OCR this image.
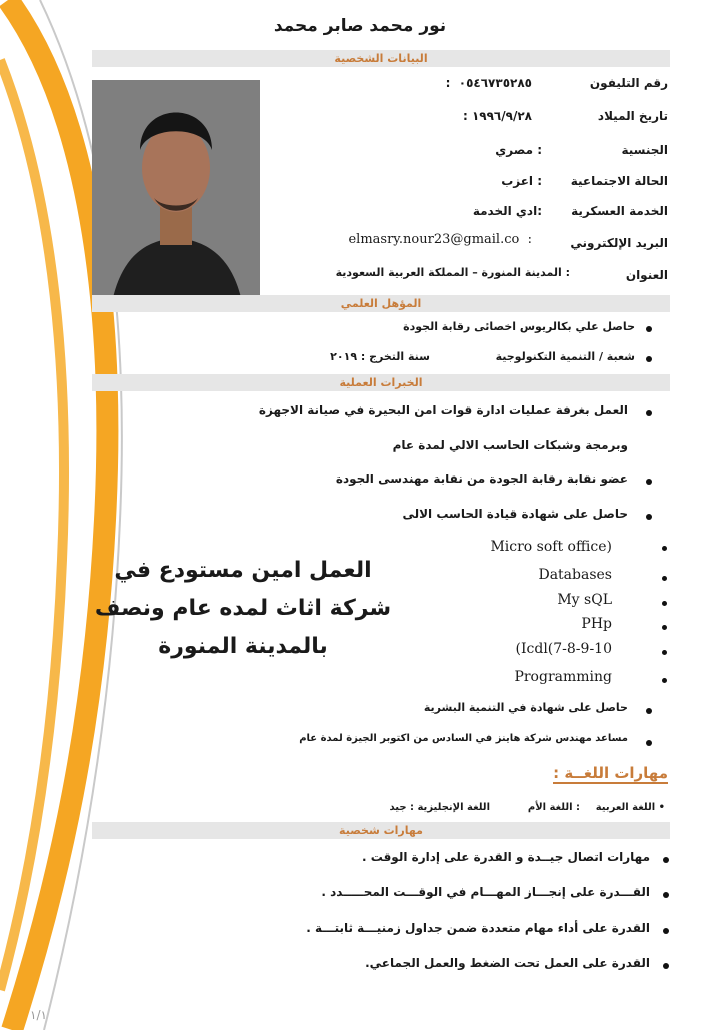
نور محمد صابر محمد
البيانات الشخصية
رقم التليفون
٠٥٤٦٧٣٥٢٨٥  :
تاريخ الميلاد
١٩٩٦/٩/٢٨ :
الجنسية
: مصري
الحالة الاجتماعية
: اعزب
الخدمة العسكرية
:ادي الخدمة
البريد الإلكتروني
elmasry.nour23@gmail.co  :
العنوان
: المدينة المنورة – المملكة العربية السعودية
المؤهل العلمي
حاصل علي بكالريوس اخصائى رقابة الجودة
شعبة / التنمية التكنولوجية
سنة التخرج : ٢٠١٩
الخبرات العملية
العمل بغرفة عمليات ادارة قوات امن البحيرة في صيانة الاجهزة
وبرمجة وشبكات الحاسب الالي لمدة عام
عضو نقابة رقابة الجودة من نقابة مهندسى الجودة
حاصل على شهادة قيادة الحاسب الالى
Micro soft office)
Databases
My sQL
PHp
(Icdl(7-8-9-10
Programming
حاصل على شهادة في التنمية البشرية
مساعد مهندس شركة هاينز في السادس من اكتوبر الجيزة لمدة عام
العمل امين مستودع في شركة اثاث لمده عام ونصف بالمدينة المنورة
مهارات اللغــة :
• اللغة العربية
: اللغة الأم
اللغة الإنجليزية : جيد
مهارات شخصية
مهارات اتصال جيــدة و القدرة على إدارة الوقت .
القـــدرة على إنجـــاز المهـــام في الوقـــت المحـــــدد .
القدرة على أداء مهام متعددة ضمن جداول زمنيـــة ثابتـــة .
القدرة على العمل تحت الضغط والعمل الجماعي.
١/١
